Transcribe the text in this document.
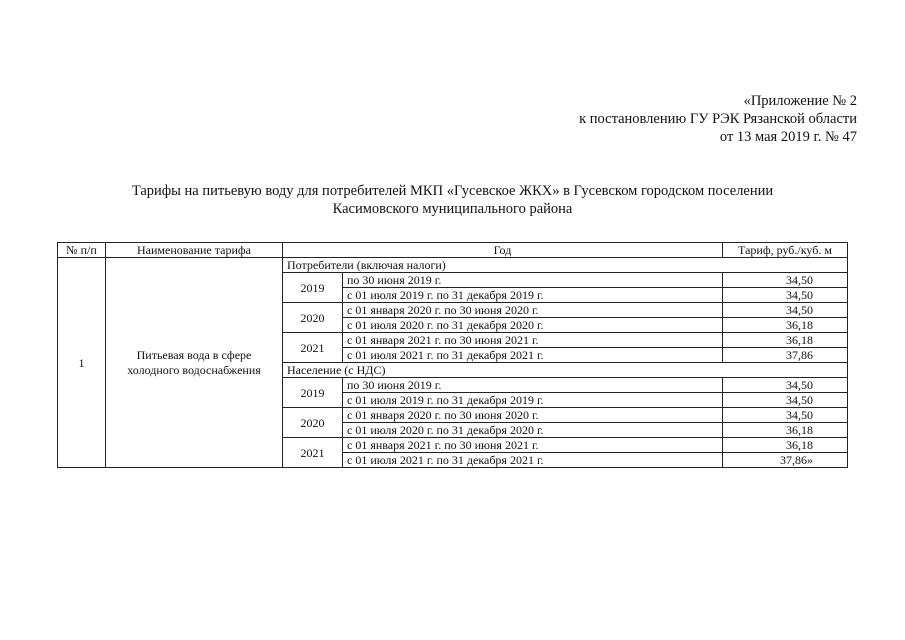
«Приложение № 2
к постановлению ГУ РЭК Рязанской области
от 13 мая 2019 г. № 47
Тарифы на питьевую воду для потребителей МКП «Гусевское ЖКХ» в Гусевском городском поселении
Касимовского муниципального района
№ п/п	Наименование тарифа	Год		Тариф, руб./куб. м
1	Питьевая вода в сфере холодного водоснабжения	Потребители (включая налоги)		
		2019	по 30 июня 2019 г.	34,50
			с 01 июля 2019 г. по 31 декабря 2019 г.	34,50
		2020	с 01 января 2020 г. по 30 июня 2020 г.	34,50
			с 01 июля 2020 г. по 31 декабря 2020 г.	36,18
		2021	с 01 января 2021 г. по 30 июня 2021 г.	36,18
			с 01 июля 2021 г. по 31 декабря 2021 г.	37,86
		Население (с НДС)		
		2019	по 30 июня 2019 г.	34,50
			с 01 июля 2019 г. по 31 декабря 2019 г.	34,50
		2020	с 01 января 2020 г. по 30 июня 2020 г.	34,50
			с 01 июля 2020 г. по 31 декабря 2020 г.	36,18
		2021	с 01 января 2021 г. по 30 июня 2021 г.	36,18
			с 01 июля 2021 г. по 31 декабря 2021 г.	37,86»
